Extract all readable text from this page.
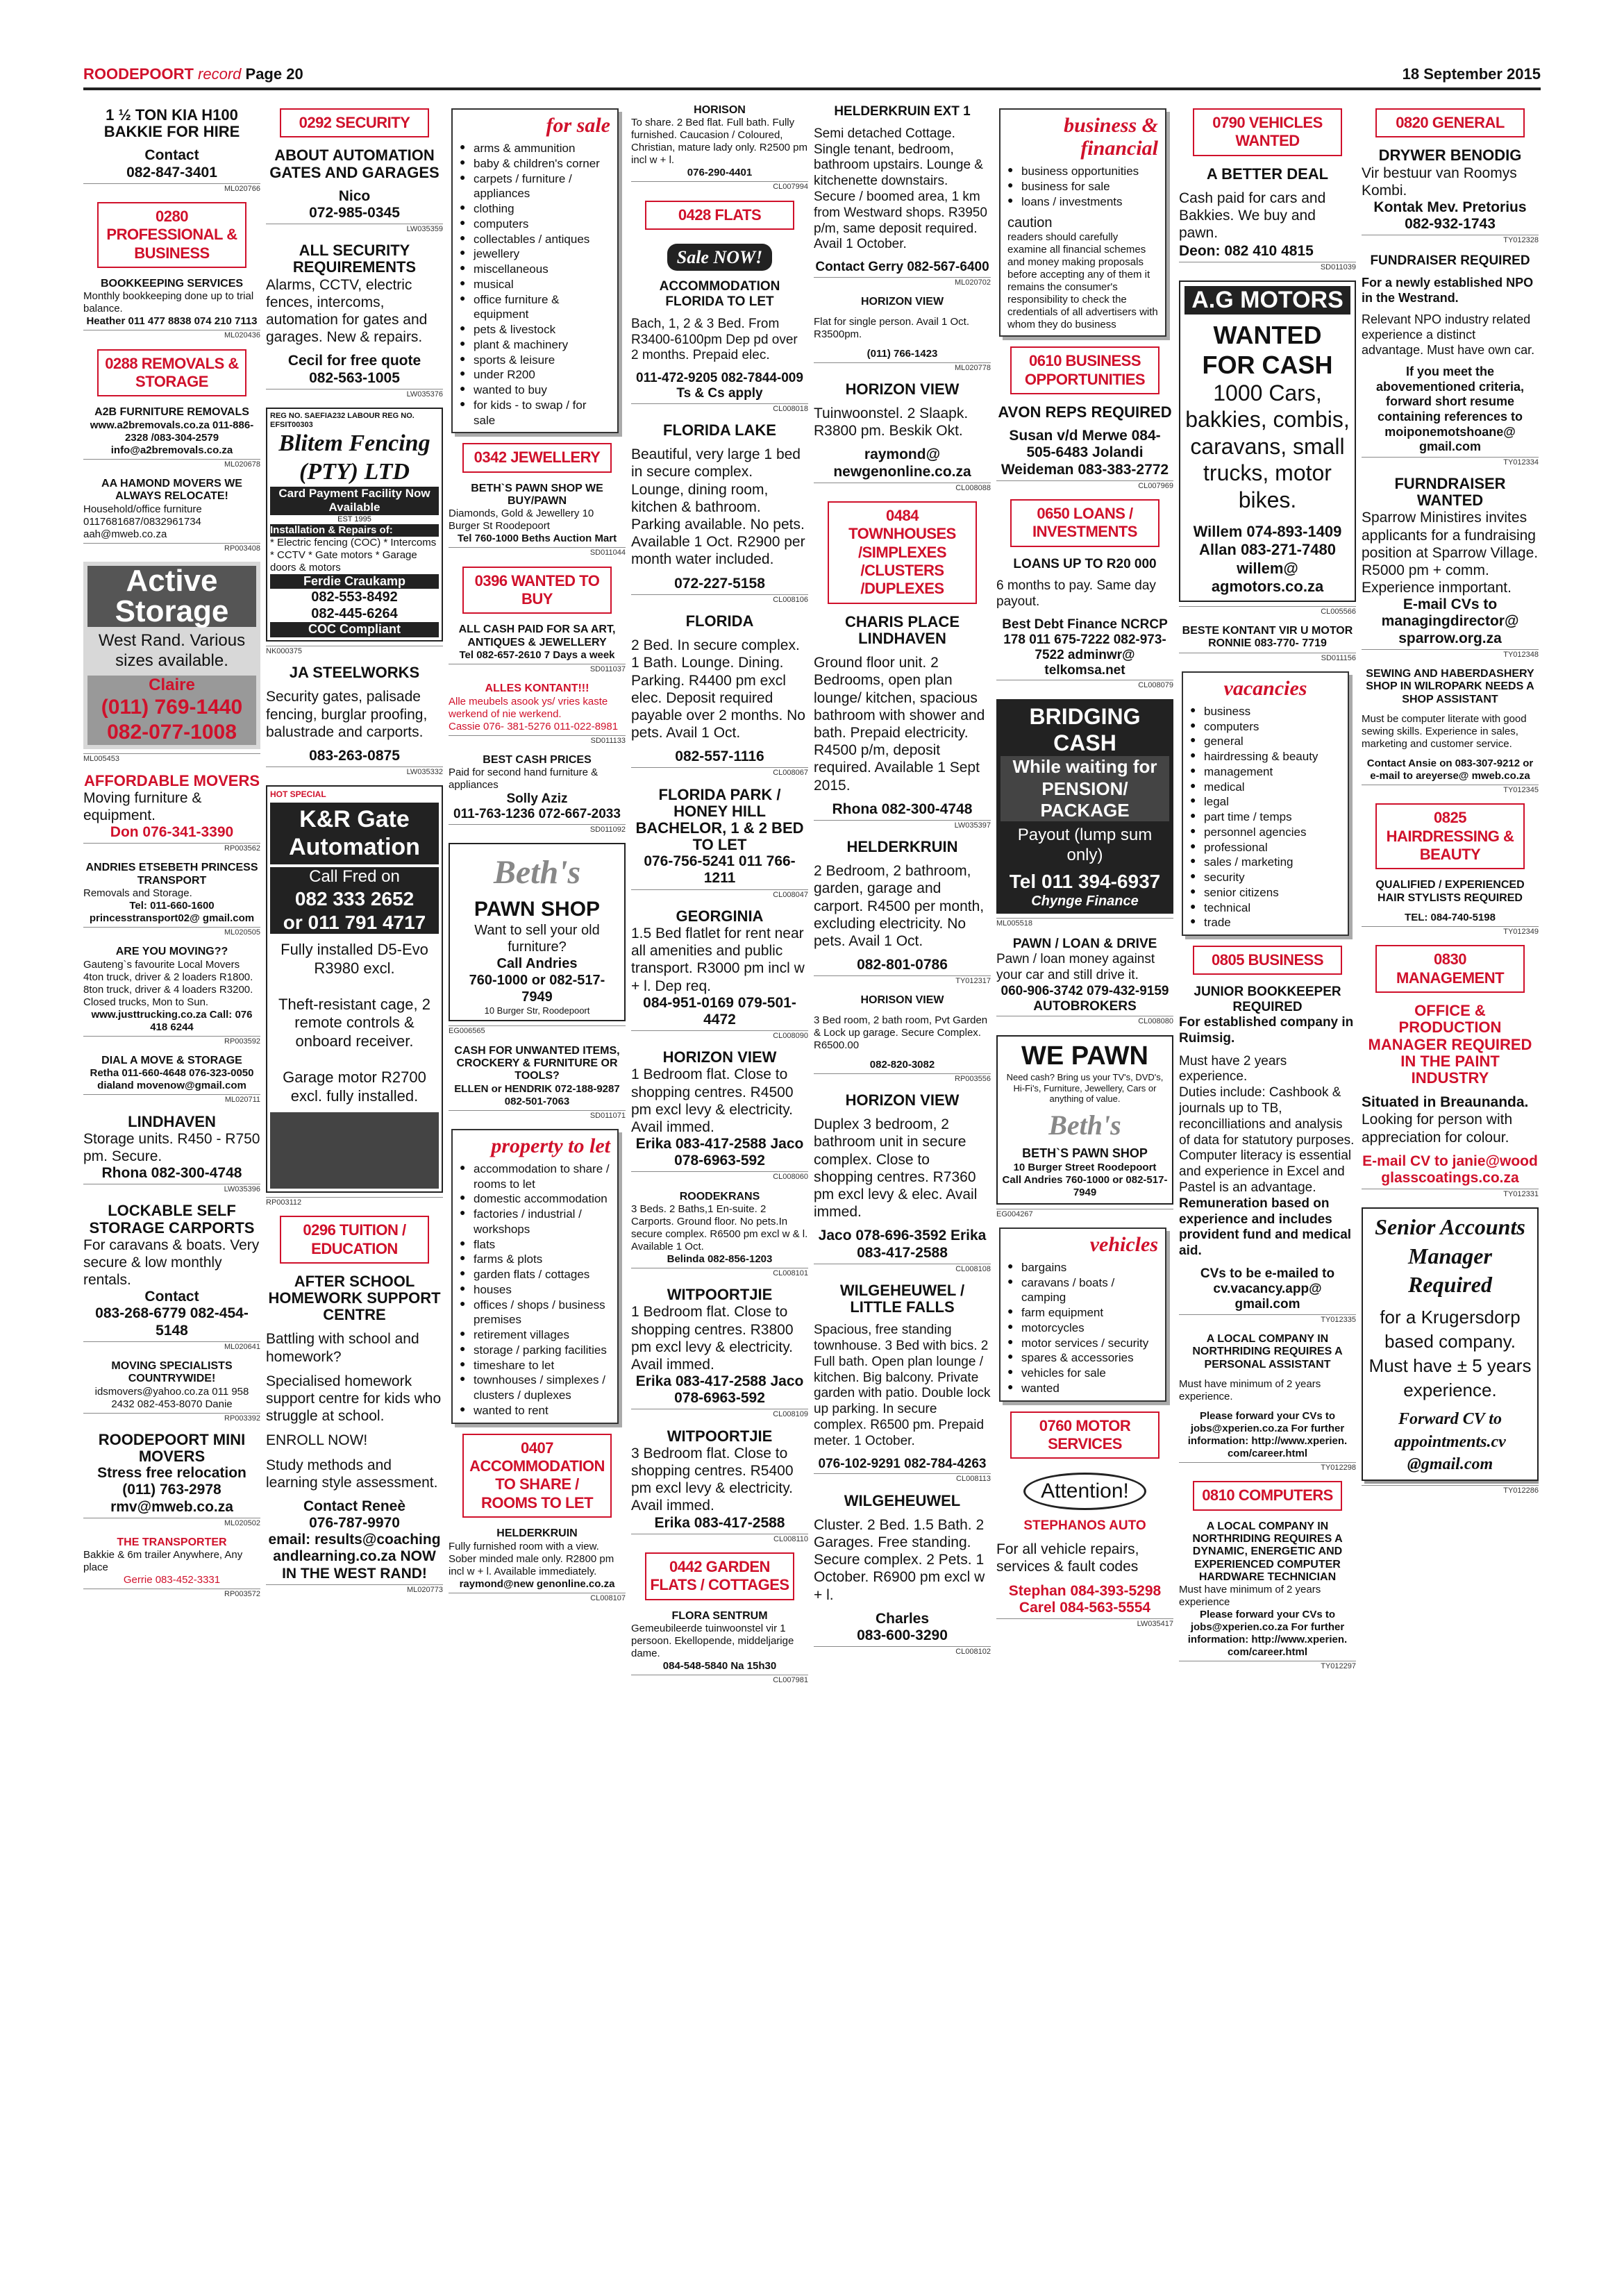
ROODEPOORT record Page 20	18 September 2015
1 ½ TON KIA H100 BAKKIE FOR HIRE
Contact
082-847-3401
ML020766
0280 PROFESSIONAL & BUSINESS
BOOKKEEPING SERVICES
Monthly bookkeeping done up to trial balance.
Heather 011 477 8838 074 210 7113
ML020436
0288 REMOVALS & STORAGE
A2B FURNITURE REMOVALS
www.a2bremovals.co.za 011-886-2328 /083-304-2579 info@a2bremovals.co.za
ML020678
AA HAMOND MOVERS WE ALWAYS RELOCATE!
Household/office furniture 0117681687/0832961734 aah@mweb.co.za
RP003408
Active Storage
West Rand. Various sizes available.
Claire
(011) 769-1440
082-077-1008
ML005453
AFFORDABLE MOVERS
Moving furniture & equipment.
Don 076-341-3390
RP003562
ANDRIES ETSEBETH PRINCESS TRANSPORT
Removals and Storage.
Tel: 011-660-1600 princesstransport02@ gmail.com
ML020505
ARE YOU MOVING??
Gauteng`s favourite Local Movers 4ton truck, driver & 2 loaders R1800. 8ton truck, driver & 4 loaders R3200. Closed trucks, Mon to Sun.
www.justtrucking.co.za Call: 076 418 6244
RP003592
DIAL A MOVE & STORAGE
Retha 011-660-4648 076-323-0050 dialand movenow@gmail.com
ML020711
LINDHAVEN
Storage units. R450 - R750 pm. Secure.
Rhona 082-300-4748
LW035396
LOCKABLE SELF STORAGE CARPORTS
For caravans & boats. Very secure & low monthly rentals.
Contact
083-268-6779 082-454-5148
ML020641
MOVING SPECIALISTS COUNTRYWIDE!
idsmovers@yahoo.co.za 011 958 2432 082-453-8070 Danie
RP003392
ROODEPOORT MINI MOVERS
Stress free relocation (011) 763-2978 rmv@mweb.co.za
ML020502
THE TRANSPORTER
Bakkie & 6m trailer Anywhere, Any place
Gerrie 083-452-3331
RP003572
0292 SECURITY
ABOUT AUTOMATION GATES AND GARAGES
Nico
072-985-0345
LW035359
ALL SECURITY REQUIREMENTS
Alarms, CCTV, electric fences, intercoms, automation for gates and garages. New & repairs.
Cecil for free quote
082-563-1005
LW035376
REG NO. SAEFIA232 LABOUR REG NO. EFSIT00303
Blitem Fencing (PTY) LTD
Card Payment Facility Now Available
EST 1995
Installation & Repairs of:
* Electric fencing (COC) * Intercoms * CCTV * Gate motors * Garage doors & motors
Ferdie Craukamp
082-553-8492
082-445-6264
COC Compliant
NK000375
JA STEELWORKS
Security gates, palisade fencing, burglar proofing, balustrade and carports.
083-263-0875
LW035332
HOT SPECIAL
K&R Gate Automation
Call Fred on
082 333 2652
or 011 791 4717
Fully installed D5-Evo R3980 excl.
Theft-resistant cage, 2 remote controls & onboard receiver.
Garage motor R2700 excl. fully installed.
RP003112
0296 TUITION / EDUCATION
AFTER SCHOOL HOMEWORK SUPPORT CENTRE
Battling with school and homework?
Specialised homework support centre for kids who struggle at school.
ENROLL NOW!
Study methods and learning style assessment.
Contact Reneè
076-787-9970
email: results@coaching andlearning.co.za NOW IN THE WEST RAND!
ML020773
for sale
● arms & ammunition
● baby & children's corner
● carpets / furniture / appliances
● clothing
● computers
● collectables / antiques
● jewellery
● miscellaneous
● musical
● office furniture & equipment
● pets & livestock
● plant & machinery
● sports & leisure
● under R200
● wanted to buy
● for kids - to swap / for sale
0342 JEWELLERY
BETH`S PAWN SHOP WE BUY/PAWN
Diamonds, Gold & Jewellery 10 Burger St Roodepoort
Tel 760-1000 Beths Auction Mart
SD011044
0396 WANTED TO BUY
ALL CASH PAID FOR SA ART, ANTIQUES & JEWELLERY
Tel 082-657-2610 7 Days a week
SD011037
ALLES KONTANT!!!
Alle meubels asook ys/ vries kaste werkend of nie werkend.
Cassie 076- 381-5276 011-022-8981
SD011133
BEST CASH PRICES
Paid for second hand furniture & appliances
Solly Aziz
011-763-1236 072-667-2033
SD011092
Beth's
PAWN SHOP
Want to sell your old furniture?
Call Andries
760-1000 or 082-517-7949
10 Burger Str, Roodepoort
EG006565
CASH FOR UNWANTED ITEMS, CROCKERY & FURNITURE OR TOOLS?
ELLEN or HENDRIK 072-188-9287 082-501-7063
SD011071
property to let
● accommodation to share / rooms to let
● domestic accommodation
● factories / industrial / workshops
● flats
● farms & plots
● garden flats / cottages
● houses
● offices / shops / business premises
● retirement villages
● storage / parking facilities
● timeshare to let
● townhouses / simplexes / clusters / duplexes
● wanted to rent
0407 ACCOMMODATION TO SHARE / ROOMS TO LET
HELDERKRUIN
Fully furnished room with a view. Sober minded male only. R2800 pm incl w + l. Available immediately.
raymond@new genonline.co.za
CL008107
HORISON
To share. 2 Bed flat. Full bath. Fully furnished. Caucasion / Coloured, Christian, mature lady only. R2500 pm incl w + l.
076-290-4401
CL007994
0428 FLATS
Sale NOW!
ACCOMMODATION FLORIDA TO LET
Bach, 1, 2 & 3 Bed. From R3400-6100pm Dep pd over 2 months. Prepaid elec.
011-472-9205 082-7844-009 Ts & Cs apply
CL008018
FLORIDA LAKE
Beautiful, very large 1 bed in secure complex. Lounge, dining room, kitchen & bathroom. Parking available. No pets. Available 1 Oct. R2900 per month water included.
072-227-5158
CL008106
FLORIDA
2 Bed. In secure complex. 1 Bath. Lounge. Dining. Parking. R4400 pm excl elec. Deposit required payable over 2 months. No pets. Avail 1 Oct.
082-557-1116
CL008067
FLORIDA PARK / HONEY HILL BACHELOR, 1 & 2 BED TO LET
076-756-5241 011 766-1211
CL008047
GEORGINIA
1.5 Bed flatlet for rent near all amenities and public transport. R3000 pm incl w + l. Dep req.
084-951-0169 079-501-4472
CL008090
HORIZON VIEW
1 Bedroom flat. Close to shopping centres. R4500 pm excl levy & electricity. Avail immed.
Erika 083-417-2588 Jaco 078-6963-592
CL008060
ROODEKRANS
3 Beds. 2 Baths,1 En-suite. 2 Carports. Ground floor. No pets.In secure complex. R6500 pm excl w & l. Available 1 Oct.
Belinda 082-856-1203
CL008101
WITPOORTJIE
1 Bedroom flat. Close to shopping centres. R3800 pm excl levy & electricity. Avail immed.
Erika 083-417-2588 Jaco 078-6963-592
CL008109
WITPOORTJIE
3 Bedroom flat. Close to shopping centres. R5400 pm excl levy & electricity. Avail immed.
Erika 083-417-2588
CL008110
0442 GARDEN FLATS / COTTAGES
FLORA SENTRUM
Gemeubileerde tuinwoonstel vir 1 persoon. Ekellopende, middeljarige dame.
084-548-5840 Na 15h30
CL007981
HELDERKRUIN EXT 1
Semi detached Cottage. Single tenant, bedroom, bathroom upstairs. Lounge & kitchenette downstairs. Secure / boomed area, 1 km from Westward shops. R3950 p/m, same deposit required. Avail 1 October.
Contact Gerry 082-567-6400
ML020702
HORIZON VIEW
Flat for single person. Avail 1 Oct. R3500pm.
(011) 766-1423
ML020778
HORIZON VIEW
Tuinwoonstel. 2 Slaapk. R3800 pm. Beskik Okt.
raymond@ newgenonline.co.za
CL008088
0484 TOWNHOUSES /SIMPLEXES /CLUSTERS /DUPLEXES
CHARIS PLACE LINDHAVEN
Ground floor unit. 2 Bedrooms, open plan lounge/ kitchen, spacious bathroom with shower and bath. Prepaid electricity. R4500 p/m, deposit required. Available 1 Sept 2015.
Rhona 082-300-4748
LW035397
HELDERKRUIN
2 Bedroom, 2 bathroom, garden, garage and carport. R4500 per month, excluding electricity. No pets. Avail 1 Oct.
082-801-0786
TY012317
HORISON VIEW
3 Bed room, 2 bath room, Pvt Garden & Lock up garage. Secure Complex. R6500.00
082-820-3082
RP003556
HORIZON VIEW
Duplex 3 bedroom, 2 bathroom unit in secure complex. Close to shopping centres. R7360 pm excl levy & elec. Avail immed.
Jaco 078-696-3592 Erika 083-417-2588
CL008108
WILGEHEUWEL / LITTLE FALLS
Spacious, free standing townhouse. 3 Bed with bics. 2 Full bath. Open plan lounge / kitchen. Big balcony. Private garden with patio. Double lock up parking. In secure complex. R6500 pm. Prepaid meter. 1 October.
076-102-9291 082-784-4263
CL008113
WILGEHEUWEL
Cluster. 2 Bed. 1.5 Bath. 2 Garages. Free standing. Secure complex. 2 Pets. 1 October. R6900 pm excl w + l.
Charles
083-600-3290
CL008102
business & financial
● business opportunities
● business for sale
● loans / investments
caution
readers should carefully examine all financial schemes and money making proposals before accepting any of them it remains the consumer's responsibility to check the credentials of all advertisers with whom they do business
0610 BUSINESS OPPORTUNITIES
AVON REPS REQUIRED
Susan v/d Merwe 084-505-6483 Jolandi Weideman 083-383-2772
CL007969
0650 LOANS / INVESTMENTS
LOANS UP TO R20 000
6 months to pay. Same day payout.
Best Debt Finance NCRCP 178 011 675-7222 082-973-7522 adminwr@ telkomsa.net
CL008079
BRIDGING CASH
While waiting for PENSION/ PACKAGE
Payout (lump sum only)
Tel 011 394-6937
Chynge Finance
ML005518
PAWN / LOAN & DRIVE
Pawn / loan money against your car and still drive it.
060-906-3742 079-432-9159
AUTOBROKERS
CL008080
WE PAWN
Need cash? Bring us your TV's, DVD's, Hi-Fi's, Furniture, Jewellery, Cars or anything of value.
Beth's
BETH`S PAWN SHOP
10 Burger Street Roodepoort
Call Andries 760-1000 or 082-517-7949
EG004267
vehicles
● bargains
● caravans / boats / camping
● farm equipment
● motorcycles
● motor services / security
● spares & accessories
● vehicles for sale
● wanted
0760 MOTOR SERVICES
Attention!
STEPHANOS AUTO
For all vehicle repairs, services & fault codes
Stephan 084-393-5298 Carel 084-563-5554
LW035417
0790 VEHICLES WANTED
A BETTER DEAL
Cash paid for cars and Bakkies. We buy and pawn.
Deon: 082 410 4815
SD011039
A.G MOTORS
WANTED FOR CASH
1000 Cars, bakkies, combis, caravans, small trucks, motor bikes.
Willem 074-893-1409 Allan 083-271-7480 willem@ agmotors.co.za
CL005566
BESTE KONTANT VIR U MOTOR RONNIE 083-770- 7719
SD011156
vacancies
● business
● computers
● general
● hairdressing & beauty
● management
● medical
● legal
● part time / temps
● personnel agencies
● professional
● sales / marketing
● security
● senior citizens
● technical
● trade
0805 BUSINESS
JUNIOR BOOKKEEPER REQUIRED
For established company in Ruimsig.
Must have 2 years experience.
Duties include: Cashbook & journals up to TB, reconcilliations and analysis of data for statutory purposes. Computer literacy is essential and experience in Excel and Pastel is an advantage.
Remuneration based on experience and includes provident fund and medical aid.
CVs to be e-mailed to cv.vacancy.app@ gmail.com
TY012335
A LOCAL COMPANY IN NORTHRIDING REQUIRES A PERSONAL ASSISTANT
Must have minimum of 2 years experience.
Please forward your CVs to jobs@xperien.co.za For further information: http://www.xperien. com/career.html
TY012298
0810 COMPUTERS
A LOCAL COMPANY IN NORTHRIDING REQUIRES A DYNAMIC, ENERGETIC AND EXPERIENCED COMPUTER HARDWARE TECHNICIAN
Must have minimum of 2 years experience
Please forward your CVs to jobs@xperien.co.za For further information: http://www.xperien. com/career.html
TY012297
0820 GENERAL
DRYWER BENODIG
Vir bestuur van Roomys Kombi.
Kontak Mev. Pretorius 082-932-1743
TY012328
FUNDRAISER REQUIRED
For a newly established NPO in the Westrand.
Relevant NPO industry related experience a distinct advantage. Must have own car.
If you meet the abovementioned criteria, forward short resume containing references to moiponemotshoane@ gmail.com
TY012334
FURNDRAISER WANTED
Sparrow Ministires invites applicants for a fundraising position at Sparrow Village. R5000 pm + comm. Experience inmportant.
E-mail CVs to managingdirector@ sparrow.org.za
TY012348
SEWING AND HABERDASHERY SHOP IN WILROPARK NEEDS A SHOP ASSISTANT
Must be computer literate with good sewing skills. Experience in sales, marketing and customer service.
Contact Ansie on 083-307-9212 or e-mail to areyerse@ mweb.co.za
TY012345
0825 HAIRDRESSING & BEAUTY
QUALIFIED / EXPERIENCED HAIR STYLISTS REQUIRED
TEL: 084-740-5198
TY012349
0830 MANAGEMENT
OFFICE & PRODUCTION MANAGER REQUIRED IN THE PAINT INDUSTRY
Situated in Breaunanda.
Looking for person with appreciation for colour.
E-mail CV to janie@wood glasscoatings.co.za
TY012331
Senior Accounts Manager Required
for a Krugersdorp based company. Must have ± 5 years experience.
Forward CV to appointments.cv @gmail.com
TY012286
